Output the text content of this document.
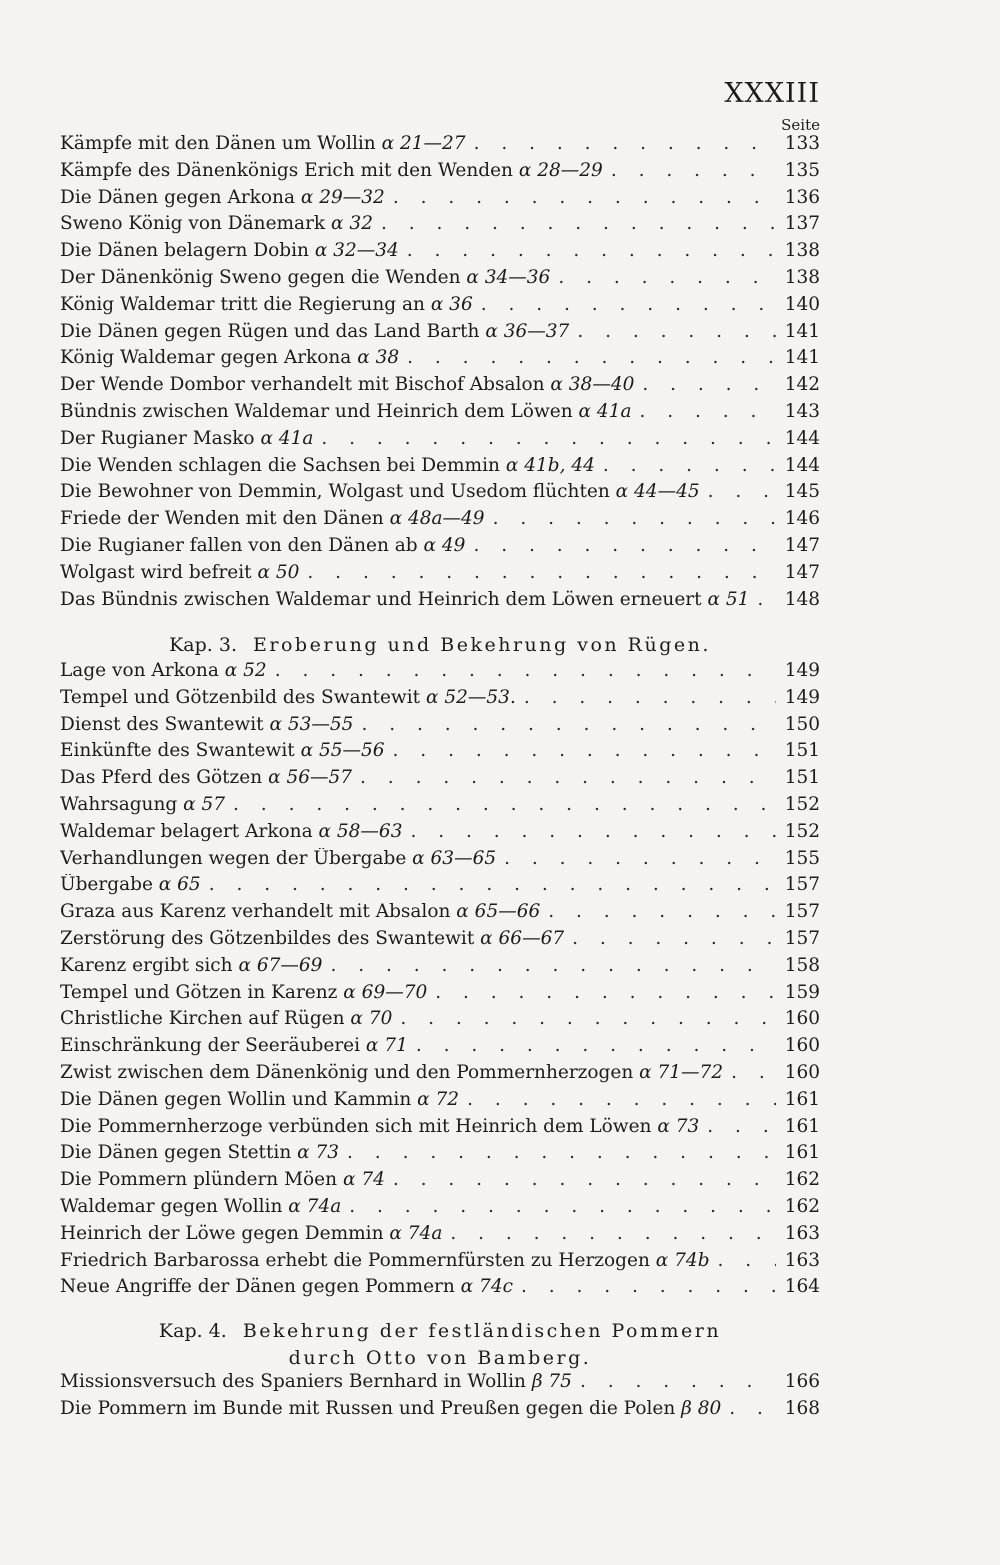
XXXIII
Seite
Kämpfe mit den Dänen um Wollin α 21—27 . . .	133
Kämpfe des Dänenkönigs Erich mit den Wenden α 28—29 . . .	135
Die Dänen gegen Arkona α 29—32 . . .	136
Sweno König von Dänemark α 32 . . .	137
Die Dänen belagern Dobin α 32—34 . . .	138
Der Dänenkönig Sweno gegen die Wenden α 34—36 . . .	138
König Waldemar tritt die Regierung an α 36 . . .	140
Die Dänen gegen Rügen und das Land Barth α 36—37 . . .	141
König Waldemar gegen Arkona α 38 . . .	141
Der Wende Dombor verhandelt mit Bischof Absalon α 38—40 . . .	142
Bündnis zwischen Waldemar und Heinrich dem Löwen α 41a . . .	143
Der Rugianer Masko α 41a . . .	144
Die Wenden schlagen die Sachsen bei Demmin α 41b, 44 . . .	144
Die Bewohner von Demmin, Wolgast und Usedom flüchten α 44—45 . . .	145
Friede der Wenden mit den Dänen α 48a—49 . . .	146
Die Rugianer fallen von den Dänen ab α 49 . . .	147
Wolgast wird befreit α 50 . . .	147
Das Bündnis zwischen Waldemar und Heinrich dem Löwen erneuert α 51 . . .	148
Kap. 3. Eroberung und Bekehrung von Rügen.
Lage von Arkona α 52 . . .	149
Tempel und Götzenbild des Swantewit α 52—53. . . .	149
Dienst des Swantewit α 53—55 . . .	150
Einkünfte des Swantewit α 55—56 . . .	151
Das Pferd des Götzen α 56—57 . . .	151
Wahrsagung α 57 . . .	152
Waldemar belagert Arkona α 58—63 . . .	152
Verhandlungen wegen der Übergabe α 63—65 . . .	155
Übergabe α 65 . . .	157
Graza aus Karenz verhandelt mit Absalon α 65—66 . . .	157
Zerstörung des Götzenbildes des Swantewit α 66—67 . . .	157
Karenz ergibt sich α 67—69 . . .	158
Tempel und Götzen in Karenz α 69—70 . . .	159
Christliche Kirchen auf Rügen α 70 . . .	160
Einschränkung der Seeräuberei α 71 . . .	160
Zwist zwischen dem Dänenkönig und den Pommernherzogen α 71—72 . . .	160
Die Dänen gegen Wollin und Kammin α 72 . . .	161
Die Pommernherzoge verbünden sich mit Heinrich dem Löwen α 73 . . .	161
Die Dänen gegen Stettin α 73 . . .	161
Die Pommern plündern Möen α 74 . . .	162
Waldemar gegen Wollin α 74a . . .	162
Heinrich der Löwe gegen Demmin α 74a . . .	163
Friedrich Barbarossa erhebt die Pommernfürsten zu Herzogen α 74b . . .	163
Neue Angriffe der Dänen gegen Pommern α 74c . . .	164
Kap. 4. Bekehrung der festländischen Pommern
durch Otto von Bamberg.
Missionsversuch des Spaniers Bernhard in Wollin β 75 . . .	166
Die Pommern im Bunde mit Russen und Preußen gegen die Polen β 80 . . .	168
